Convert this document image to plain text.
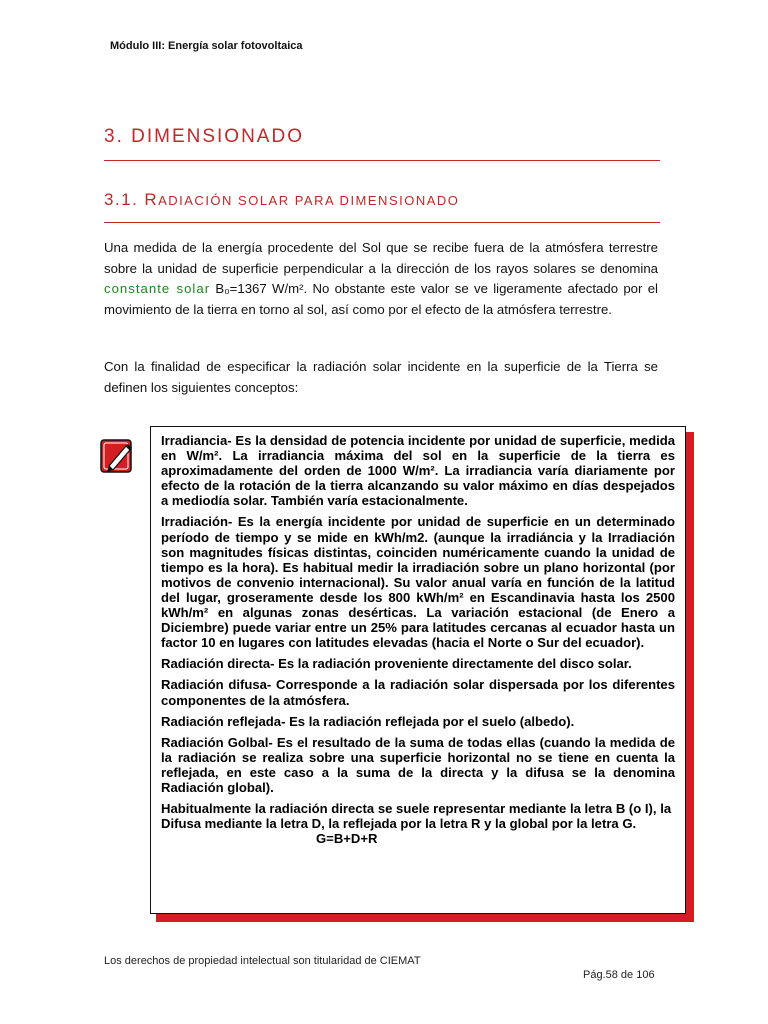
Módulo III: Energía solar fotovoltaica
3. DIMENSIONADO
3.1. RADIACIÓN SOLAR PARA DIMENSIONADO
Una medida de la energía procedente del Sol que se recibe fuera de la atmósfera terrestre sobre la unidad de superficie perpendicular a la dirección de los rayos solares se denomina constante solar B₀=1367 W/m². No obstante este valor se ve ligeramente afectado por el movimiento de la tierra en torno al sol, así como por el efecto de la atmósfera terrestre.
Con la finalidad de especificar la radiación solar incidente en la superficie de la Tierra se definen los siguientes conceptos:

Irradiancia- Es la densidad de potencia incidente por unidad de superficie, medida en W/m². La irradiancia máxima del sol en la superficie de la tierra es aproximadamente del orden de 1000 W/m². La irradiancia varía diariamente por efecto de la rotación de la tierra alcanzando su valor máximo en días despejados a mediodía solar. También varía estacionalmente.

Irradiación- Es la energía incidente por unidad de superficie en un determinado período de tiempo y se mide en kWh/m2. (aunque la irradiáncia y la Irradiación son magnitudes físicas distintas, coinciden numéricamente cuando la unidad de tiempo es la hora). Es habitual medir la irradiación sobre un plano horizontal (por motivos de convenio internacional). Su valor anual varía en función de la latitud del lugar, groseramente desde los 800 kWh/m² en Escandinavia hasta los 2500 kWh/m² en algunas zonas desérticas. La variación estacional (de Enero a Diciembre) puede variar entre un 25% para latitudes cercanas al ecuador hasta un factor 10 en lugares con latitudes elevadas (hacia el Norte o Sur del ecuador).

Radiación directa- Es la radiación proveniente directamente del disco solar.

Radiación difusa- Corresponde a la radiación solar dispersada por los diferentes componentes de la atmósfera.

Radiación reflejada- Es la radiación reflejada por el suelo (albedo).

Radiación Golbal- Es el resultado de la suma de todas ellas (cuando la medida de la radiación se realiza sobre una superficie horizontal no se tiene en cuenta la reflejada, en este caso a la suma de la directa y la difusa se la denomina Radiación global).

Habitualmente la radiación directa se suele representar mediante la letra B (o I), la Difusa mediante la letra D, la reflejada por la letra R y la global por la letra G. G=B+D+R

Los derechos de propiedad intelectual son titularidad de CIEMAT
Pág.58 de 106
